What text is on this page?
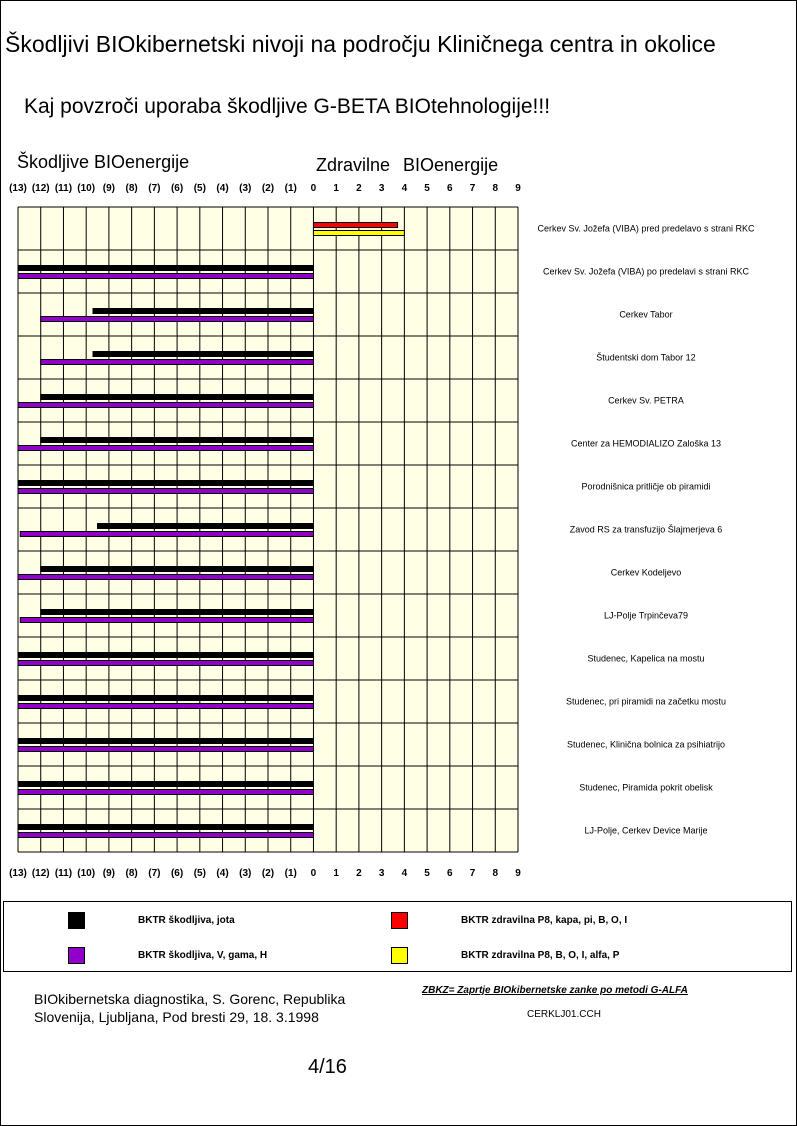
Škodljivi BIOkibernetski nivoji na področju Kliničnega centra in okolice
Kaj povzroči uporaba škodljive G-BETA BIOtehnologije!!!
Škodljive BIOenergije	Zdravilne BIOenergije
(13) (12) (11) (10) (9) (8) (7) (6) (5) (4) (3) (2) (1) 0 1 2 3 4 5 6 7 8 9
(13) (12) (11) (10) (9) (8) (7) (6) (5) (4) (3) (2) (1) 0 1 2 3 4 5 6 7 8 9
Cerkev Sv. Jožefa (VIBA) pred predelavo s strani RKC
Cerkev Sv. Jožefa (VIBA) po predelavi s strani RKC
Cerkev Tabor
Študentski dom Tabor 12
Cerkev Sv. PETRA
Center za HEMODIALIZO Zaloška 13
Porodnišnica pritličje ob piramidi
Zavod RS za transfuzijo Šlajmerjeva 6
Cerkev Kodeljevo
LJ-Polje Trpinčeva79
Studenec, Kapelica na mostu
Studenec, pri piramidi na začetku mostu
Studenec, Klinična bolnica za psihiatrijo
Studenec, Piramida pokrit obelisk
LJ-Polje, Cerkev Device Marije
BKTR škodljiva, jota
BKTR škodljiva, V, gama, H
BKTR zdravilna P8, kapa, pi, B, O, I
BKTR zdravilna P8, B, O, I, alfa, P
BIOkibernetska diagnostika, S. Gorenc, Republika
Slovenija, Ljubljana, Pod bresti 29, 18. 3.1998
ZBKZ= Zaprtje BIOkibernetske zanke po metodi G-ALFA
CERKLJ01.CCH
4/16
